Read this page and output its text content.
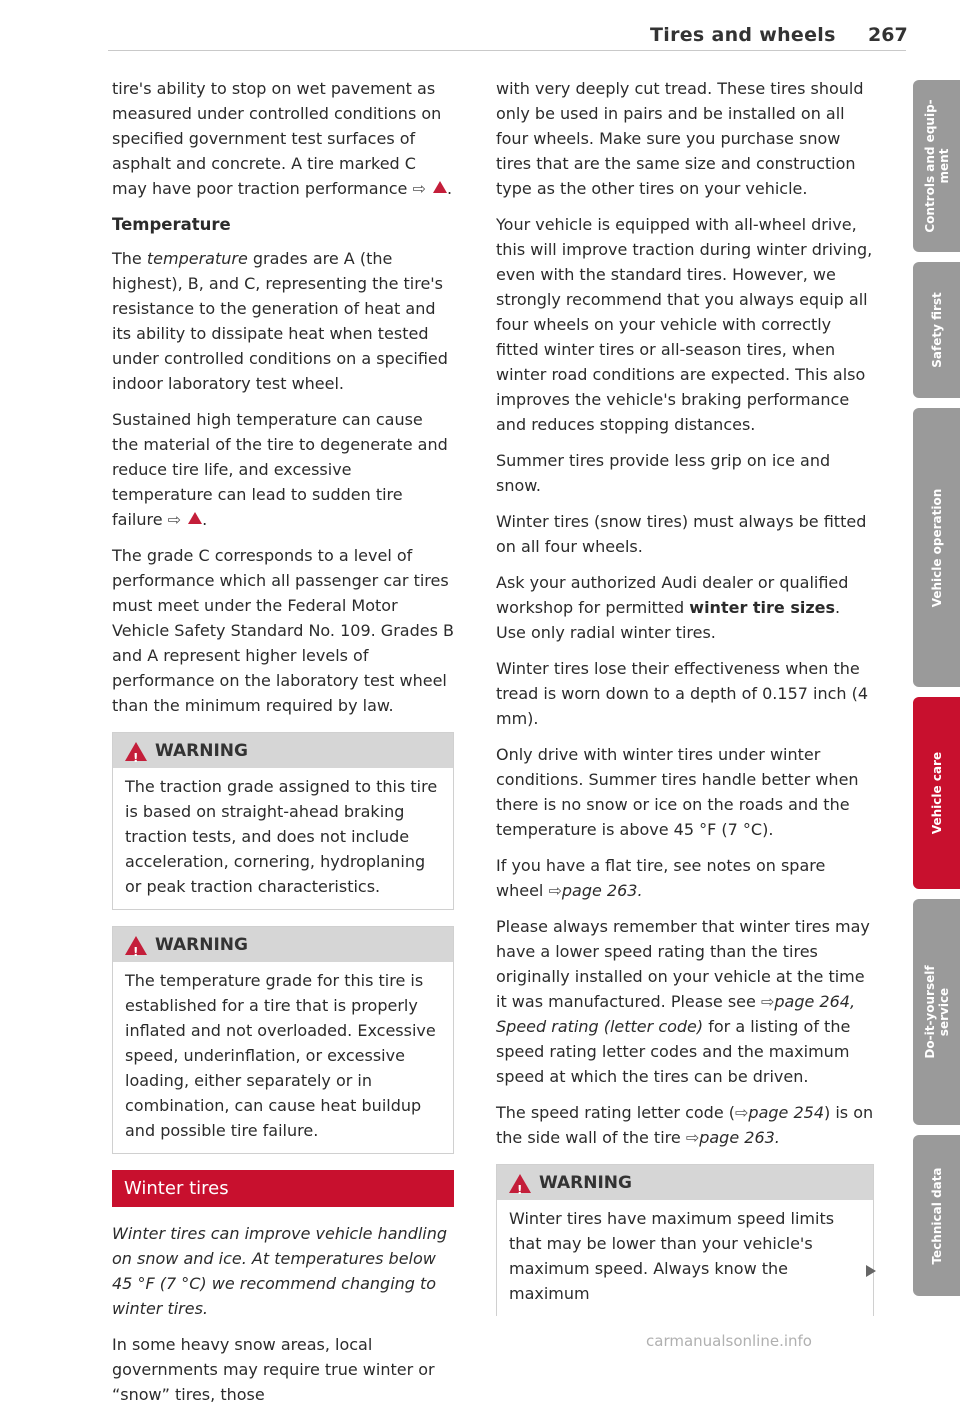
Tires and wheels 267

tire's ability to stop on wet pavement as measured under controlled conditions on specified government test surfaces of asphalt and concrete. A tire marked C may have poor traction performance ⇨ .

Temperature

The temperature grades are A (the highest), B, and C, representing the tire's resistance to the generation of heat and its ability to dissipate heat when tested under controlled conditions on a specified indoor laboratory test wheel.

Sustained high temperature can cause the material of the tire to degenerate and reduce tire life, and excessive temperature can lead to sudden tire failure ⇨ .

The grade C corresponds to a level of performance which all passenger car tires must meet under the Federal Motor Vehicle Safety Standard No. 109. Grades B and A represent higher levels of performance on the laboratory test wheel than the minimum required by law.

!
WARNING
The traction grade assigned to this tire is based on straight-ahead braking traction tests, and does not include acceleration, cornering, hydroplaning or peak traction characteristics.
!
WARNING
The temperature grade for this tire is established for a tire that is properly inflated and not overloaded. Excessive speed, underinflation, or excessive loading, either separately or in combination, can cause heat buildup and possible tire failure.
Winter tires

Winter tires can improve vehicle handling on snow and ice. At temperatures below 45 °F (7 °C) we recommend changing to winter tires.

In some heavy snow areas, local governments may require true winter or “snow” tires, those

with very deeply cut tread. These tires should only be used in pairs and be installed on all four wheels. Make sure you purchase snow tires that are the same size and construction type as the other tires on your vehicle.

Your vehicle is equipped with all-wheel drive, this will improve traction during winter driving, even with the standard tires. However, we strongly recommend that you always equip all four wheels on your vehicle with correctly fitted winter tires or all-season tires, when winter road conditions are expected. This also improves the vehicle's braking performance and reduces stopping distances.

Summer tires provide less grip on ice and snow.

Winter tires (snow tires) must always be fitted on all four wheels.

Ask your authorized Audi dealer or qualified workshop for permitted winter tire sizes. Use only radial winter tires.

Winter tires lose their effectiveness when the tread is worn down to a depth of 0.157 inch (4 mm).

Only drive with winter tires under winter conditions. Summer tires handle better when there is no snow or ice on the roads and the temperature is above 45 °F (7 °C).

If you have a flat tire, see notes on spare wheel ⇨page 263.

Please always remember that winter tires may have a lower speed rating than the tires originally installed on your vehicle at the time it was manufactured. Please see ⇨page 264, Speed rating (letter code) for a listing of the speed rating letter codes and the maximum speed at which the tires can be driven.

The speed rating letter code (⇨page 254) is on the side wall of the tire ⇨page 263.

!
WARNING
Winter tires have maximum speed limits that may be lower than your vehicle's maximum speed. Always know the maximum
Controls and equip-
ment
Safety first
Vehicle operation
Vehicle care
Do-it-yourself
service
Technical data
carmanualsonline.info
